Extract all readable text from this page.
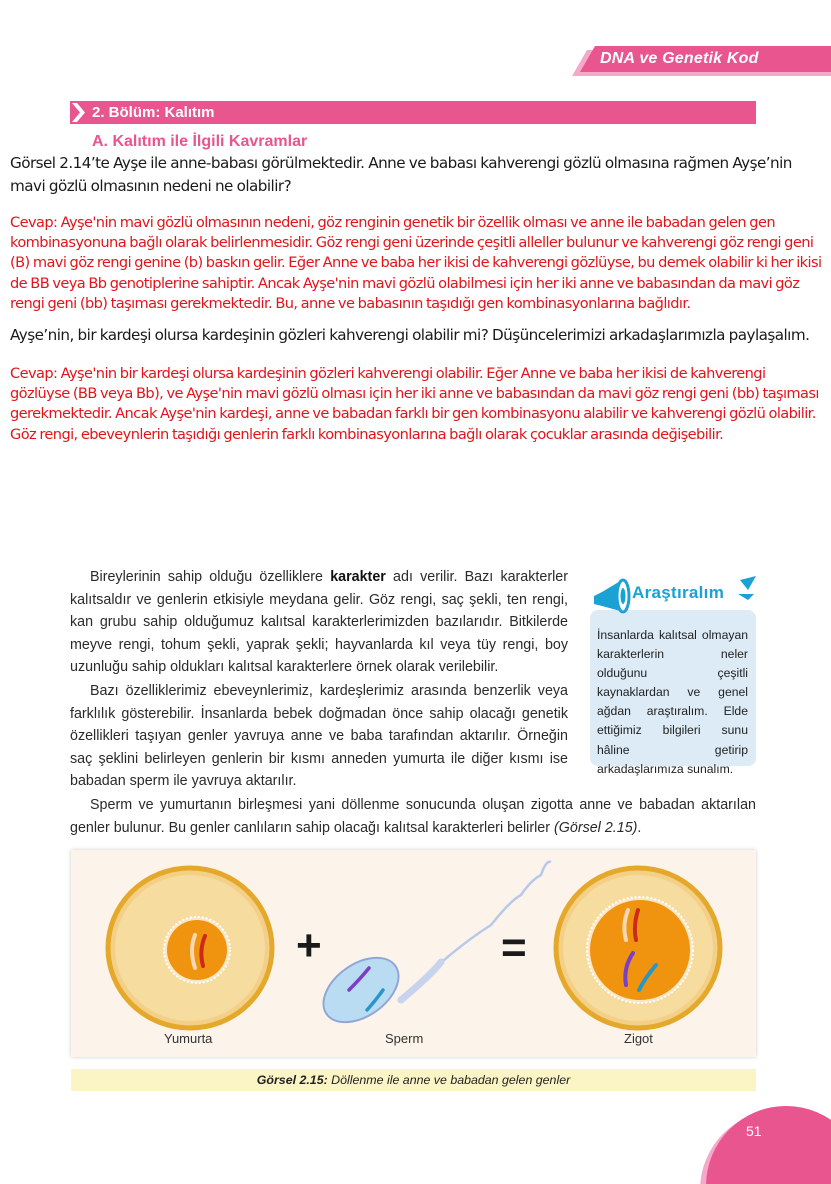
DNA ve Genetik Kod
2. Bölüm: Kalıtım
A. Kalıtım ile İlgili Kavramlar
Görsel 2.14’te Ayşe ile anne-babası görülmektedir. Anne ve babası kahverengi gözlü olmasına rağmen Ayşe’nin mavi gözlü olmasının nedeni ne olabilir?
Cevap: Ayşe'nin mavi gözlü olmasının nedeni, göz renginin genetik bir özellik olması ve anne ile babadan gelen gen kombinasyonuna bağlı olarak belirlenmesidir. Göz rengi geni üzerinde çeşitli alleller bulunur ve kahverengi göz rengi geni (B) mavi göz rengi genine (b) baskın gelir. Eğer Anne ve baba her ikisi de kahverengi gözlüyse, bu demek olabilir ki her ikisi de BB veya Bb genotiplerine sahiptir. Ancak Ayşe'nin mavi gözlü olabilmesi için her iki anne ve babasından da mavi göz rengi geni (bb) taşıması gerekmektedir. Bu, anne ve babasının taşıdığı gen kombinasyonlarına bağlıdır.
Ayşe’nin, bir kardeşi olursa kardeşinin gözleri kahverengi olabilir mi? Düşüncelerimizi arkadaşlarımızla paylaşalım.
Cevap: Ayşe'nin bir kardeşi olursa kardeşinin gözleri kahverengi olabilir. Eğer Anne ve baba her ikisi de kahverengi gözlüyse (BB veya Bb), ve Ayşe'nin mavi gözlü olması için her iki anne ve babasından da mavi göz rengi geni (bb) taşıması gerekmektedir. Ancak Ayşe'nin kardeşi, anne ve babadan farklı bir gen kombinasyonu alabilir ve kahverengi gözlü olabilir. Göz rengi, ebeveynlerin taşıdığı genlerin farklı kombinasyonlarına bağlı olarak çocuklar arasında değişebilir.
Bireylerinin sahip olduğu özelliklere karakter adı verilir. Bazı karakterler kalıtsaldır ve genlerin etkisiyle meydana gelir. Göz rengi, saç şekli, ten rengi, kan grubu sahip olduğumuz kalıtsal karakterlerimizden bazılarıdır. Bitkilerde meyve rengi, tohum şekli, yaprak şekli; hayvanlarda kıl veya tüy rengi, boy uzunluğu sahip oldukları kalıtsal karakterlere örnek olarak verilebilir.
Bazı özelliklerimiz ebeveynlerimiz, kardeşlerimiz arasında benzerlik veya farklılık gösterebilir. İnsanlarda bebek doğmadan önce sahip olacağı genetik özellikleri taşıyan genler yavruya anne ve baba tarafından aktarılır. Örneğin saç şeklini belirleyen genlerin bir kısmı anneden yumurta ile diğer kısmı ise babadan sperm ile yavruya aktarılır.
Sperm ve yumurtanın birleşmesi yani döllenme sonucunda oluşan zigotta anne ve babadan aktarılan genler bulunur. Bu genler canlıların sahip olacağı kalıtsal karakterleri belirler (Görsel 2.15).

İnsanlarda kalıtsal olmayan karakterlerin neler olduğunu çeşitli kaynaklardan ve genel ağdan araştıralım. Elde ettiğimiz bilgileri sunu hâline getirip arkadaşlarımıza sunalım.

Araştıralım
+	=
Yumurta	Sperm	Zigot
Görsel 2.15: Döllenme ile anne ve babadan gelen genler
51
